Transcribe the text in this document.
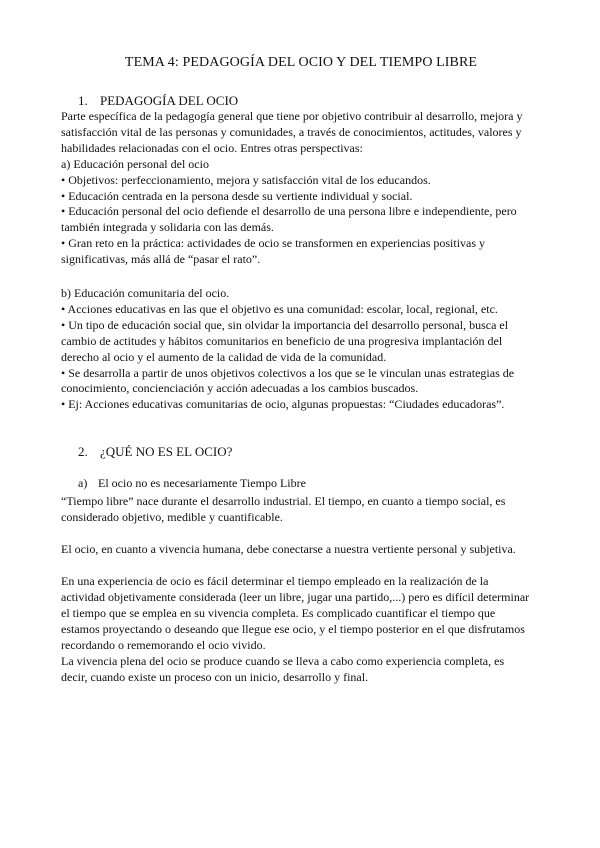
TEMA 4: PEDAGOGÍA DEL OCIO Y DEL TIEMPO LIBRE
1. PEDAGOGÍA DEL OCIO
Parte específica de la pedagogía general que tiene por objetivo contribuir al desarrollo, mejora y
satisfacción vital de las personas y comunidades, a través de conocimientos, actitudes, valores y
habilidades relacionadas con el ocio. Entres otras perspectivas:
a) Educación personal del ocio
• Objetivos: perfeccionamiento, mejora y satisfacción vital de los educandos.
• Educación centrada en la persona desde su vertiente individual y social.
• Educación personal del ocio defiende el desarrollo de una persona libre e independiente, pero
también integrada y solidaria con las demás.
• Gran reto en la práctica: actividades de ocio se transformen en experiencias positivas y
significativas, más allá de “pasar el rato”.
b) Educación comunitaria del ocio.
• Acciones educativas en las que el objetivo es una comunidad: escolar, local, regional, etc.
• Un tipo de educación social que, sin olvidar la importancia del desarrollo personal, busca el
cambio de actitudes y hábitos comunitarios en beneficio de una progresiva implantación del
derecho al ocio y el aumento de la calidad de vida de la comunidad.
• Se desarrolla a partir de unos objetivos colectivos a los que se le vinculan unas estrategias de
conocimiento, concienciación y acción adecuadas a los cambios buscados.
• Ej: Acciones educativas comunitarias de ocio, algunas propuestas: “Ciudades educadoras”.
2. ¿QUÉ NO ES EL OCIO?
a) El ocio no es necesariamente Tiempo Libre
“Tiempo libre” nace durante el desarrollo industrial. El tiempo, en cuanto a tiempo social, es
considerado objetivo, medible y cuantificable.
El ocio, en cuanto a vivencia humana, debe conectarse a nuestra vertiente personal y subjetiva.
En una experiencia de ocio es fácil determinar el tiempo empleado en la realización de la
actividad objetivamente considerada (leer un libre, jugar una partido,...) pero es difícil determinar
el tiempo que se emplea en su vivencia completa. Es complicado cuantificar el tiempo que
estamos proyectando o deseando que llegue ese ocio, y el tiempo posterior en el que disfrutamos
recordando o rememorando el ocio vivido.
La vivencia plena del ocio se produce cuando se lleva a cabo como experiencia completa, es
decir, cuando existe un proceso con un inicio, desarrollo y final.
